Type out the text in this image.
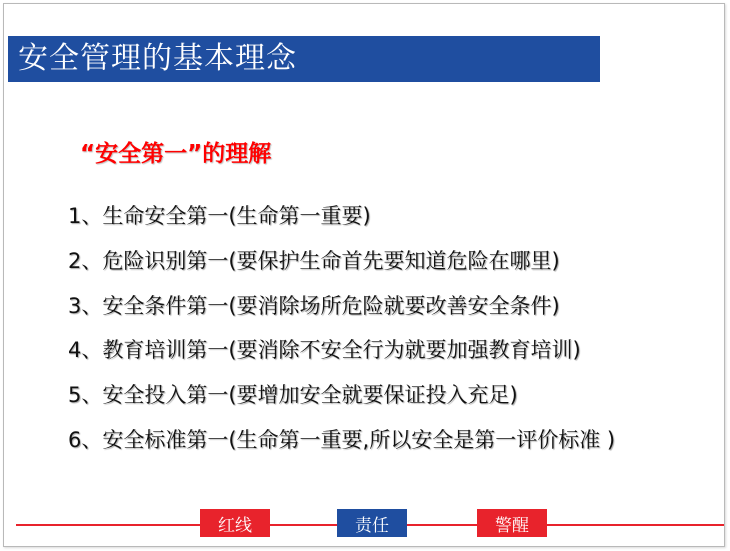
安全管理的基本理念
“安全第一”的理解
1、生命安全第一(生命第一重要)
2、危险识别第一(要保护生命首先要知道危险在哪里)
3、安全条件第一(要消除场所危险就要改善安全条件)
4、教育培训第一(要消除不安全行为就要加强教育培训)
5、安全投入第一(要增加安全就要保证投入充足)
6、安全标准第一(生命第一重要,所以安全是第一评价标准 )
红线	责任	警醒
